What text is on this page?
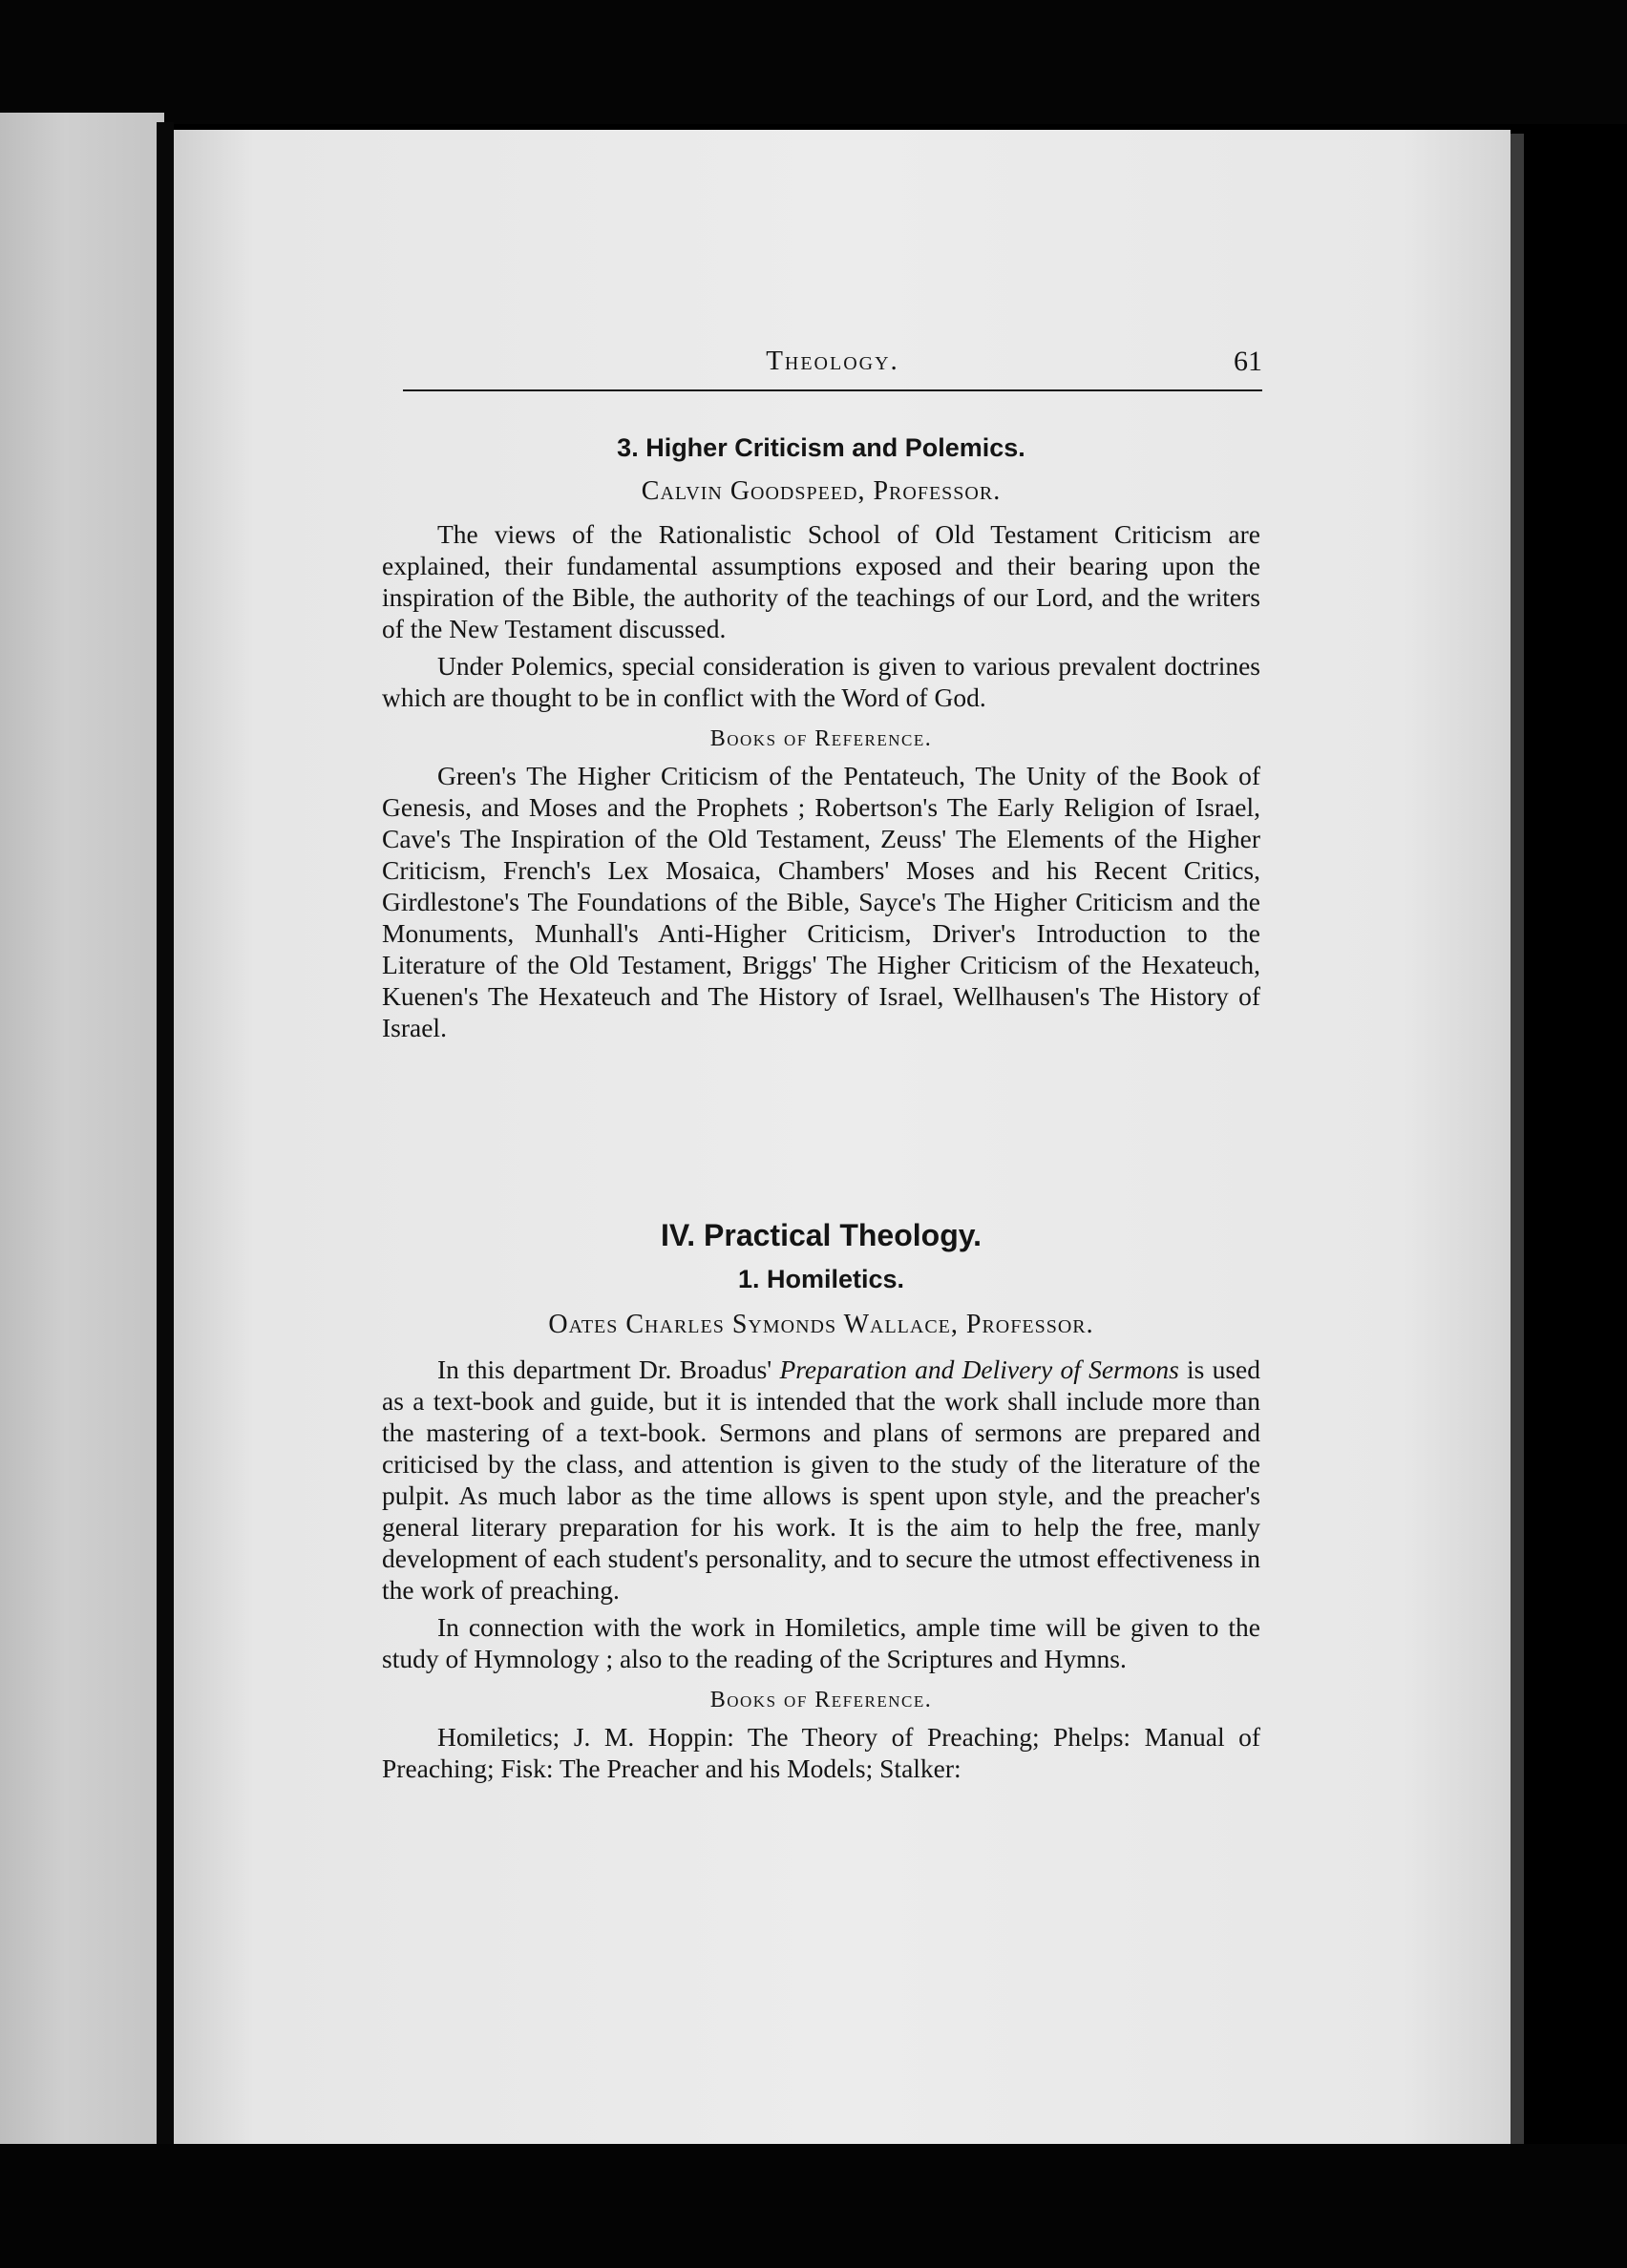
Theology.	61
3. Higher Criticism and Polemics.

Calvin Goodspeed, Professor.

The views of the Rationalistic School of Old Testament Criticism are explained, their fundamental assumptions exposed and their bearing upon the inspiration of the Bible, the authority of the teachings of our Lord, and the writers of the New Testament discussed.

Under Polemics, special consideration is given to various prevalent doctrines which are thought to be in conflict with the Word of God.

Books of Reference.

Green's The Higher Criticism of the Pentateuch, The Unity of the Book of Genesis, and Moses and the Prophets ; Robertson's The Early Religion of Israel, Cave's The Inspiration of the Old Testament, Zeuss' The Elements of the Higher Criticism, French's Lex Mosaica, Chambers' Moses and his Recent Critics, Girdlestone's The Foundations of the Bible, Sayce's The Higher Criticism and the Monuments, Munhall's Anti-Higher Criticism, Driver's Introduction to the Literature of the Old Testament, Briggs' The Higher Criticism of the Hexateuch, Kuenen's The Hexateuch and The History of Israel, Wellhausen's The History of Israel.

IV. Practical Theology.
1. Homiletics.

Oates Charles Symonds Wallace, Professor.

In this department Dr. Broadus' Preparation and Delivery of Sermons is used as a text-book and guide, but it is intended that the work shall include more than the mastering of a text-book. Sermons and plans of sermons are prepared and criticised by the class, and attention is given to the study of the literature of the pulpit. As much labor as the time allows is spent upon style, and the preacher's general literary preparation for his work. It is the aim to help the free, manly development of each student's personality, and to secure the utmost effectiveness in the work of preaching.

In connection with the work in Homiletics, ample time will be given to the study of Hymnology ; also to the reading of the Scriptures and Hymns.

Books of Reference.

Homiletics; J. M. Hoppin: The Theory of Preaching; Phelps: Manual of Preaching; Fisk: The Preacher and his Models; Stalker:
